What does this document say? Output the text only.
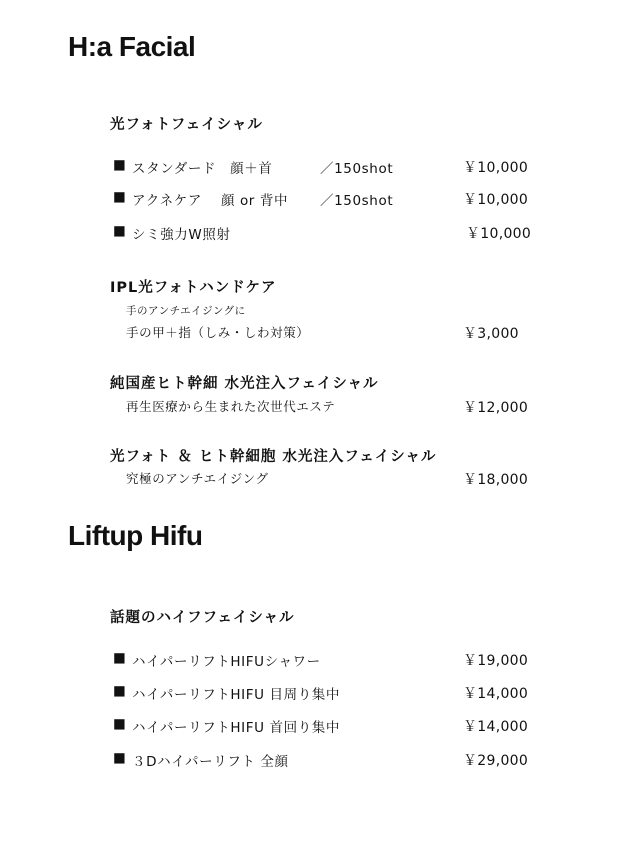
H:a Facial
光フォトフェイシャル
■ スタンダード　顔＋首	／150shot	￥10,000
■ アクネケア　 顔 or 背中 ／150shot	￥10,000
■ シミ強力W照射	￥10,000
IPL光フォトハンドケア
手のアンチエイジングに
手の甲＋指（しみ・しわ対策）	￥3,000
純国産ヒト幹細 水光注入フェイシャル
再生医療から生まれた次世代エステ	￥12,000
光フォト ＆ ヒト幹細胞 水光注入フェイシャル
究極のアンチエイジング	￥18,000
Liftup Hifu
話題のハイフフェイシャル
■ ハイパーリフトHIFUシャワー	￥19,000
■ ハイパーリフトHIFU 目周り集中	￥14,000
■ ハイパーリフトHIFU 首回り集中	￥14,000
■ ３Dハイパーリフト 全顔	￥29,000
